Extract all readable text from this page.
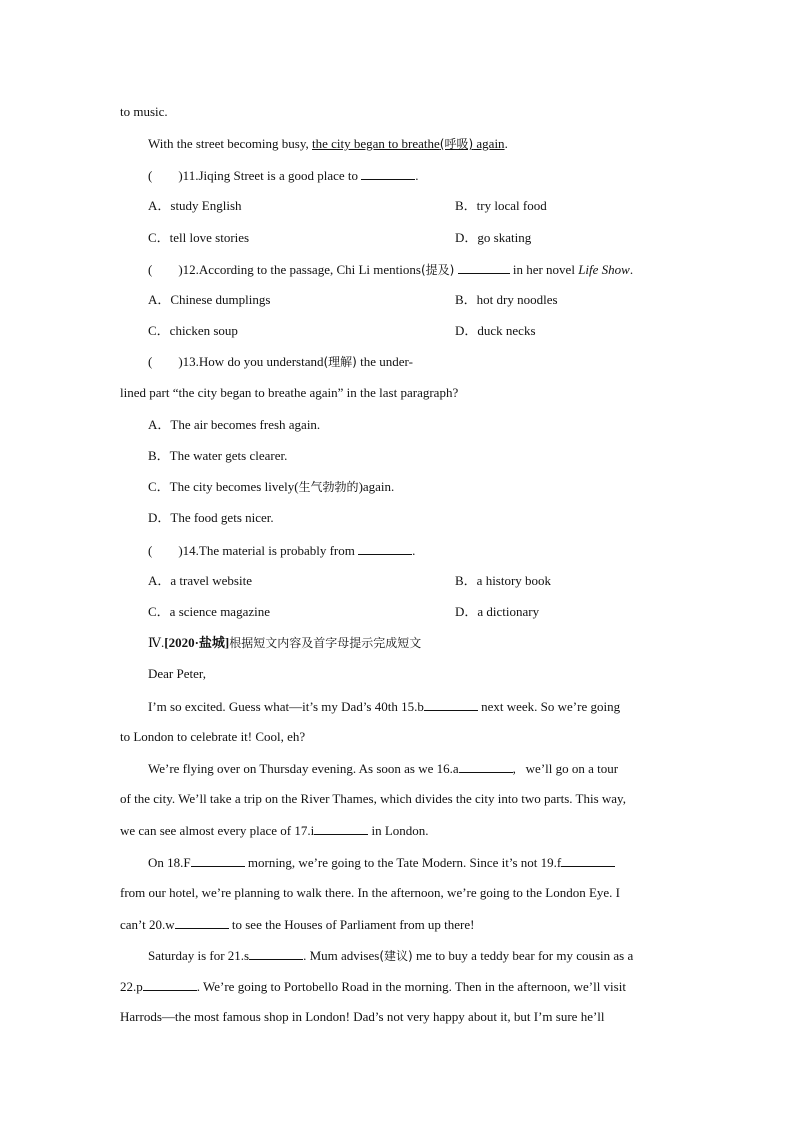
to music.
With the street becoming busy, the city began to breathe(呼吸) again.
(        )11.Jiqing Street is a good place to	.
A．study English	B．try local food
C．tell love stories	D．go skating
(        )12.According to the passage, Chi Li mentions(提及)	in her novel Life Show.
A．Chinese dumplings	B．hot dry noodles
C．chicken soup	D．duck necks
(        )13.How do you understand(理解) the under-
lined part “the city began to breathe again” in the last paragraph?
A．The air becomes fresh again.
B．The water gets clearer.
C．The city becomes lively(生气勃勃的)again.
D．The food gets nicer.
(        )14.The material is probably from	.
A．a travel website	B．a history book
C．a science magazine	D．a dictionary
Ⅳ.[2020·盐城]根据短文内容及首字母提示完成短文
Dear Peter,
I’m so excited. Guess what—it’s my Dad’s 40th 15.b	next week. So we’re going
to London to celebrate it! Cool, eh?
We’re flying over on Thursday evening. As soon as we 16.a	,   we’ll go on a tour
of the city. We’ll take a trip on the River Thames, which divides the city into two parts. This way,
we can see almost every place of 17.i	in London.
On 18.F	morning, we’re going to the Tate Modern. Since it’s not 19.f
from our hotel, we’re planning to walk there. In the afternoon, we’re going to the London Eye. I
can’t 20.w	to see the Houses of Parliament from up there!
Saturday is for 21.s	. Mum advises(建议) me to buy a teddy bear for my cousin as a
22.p	. We’re going to Portobello Road in the morning. Then in the afternoon, we’ll visit
Harrods—the most famous shop in London! Dad’s not very happy about it, but I’m sure he’ll
